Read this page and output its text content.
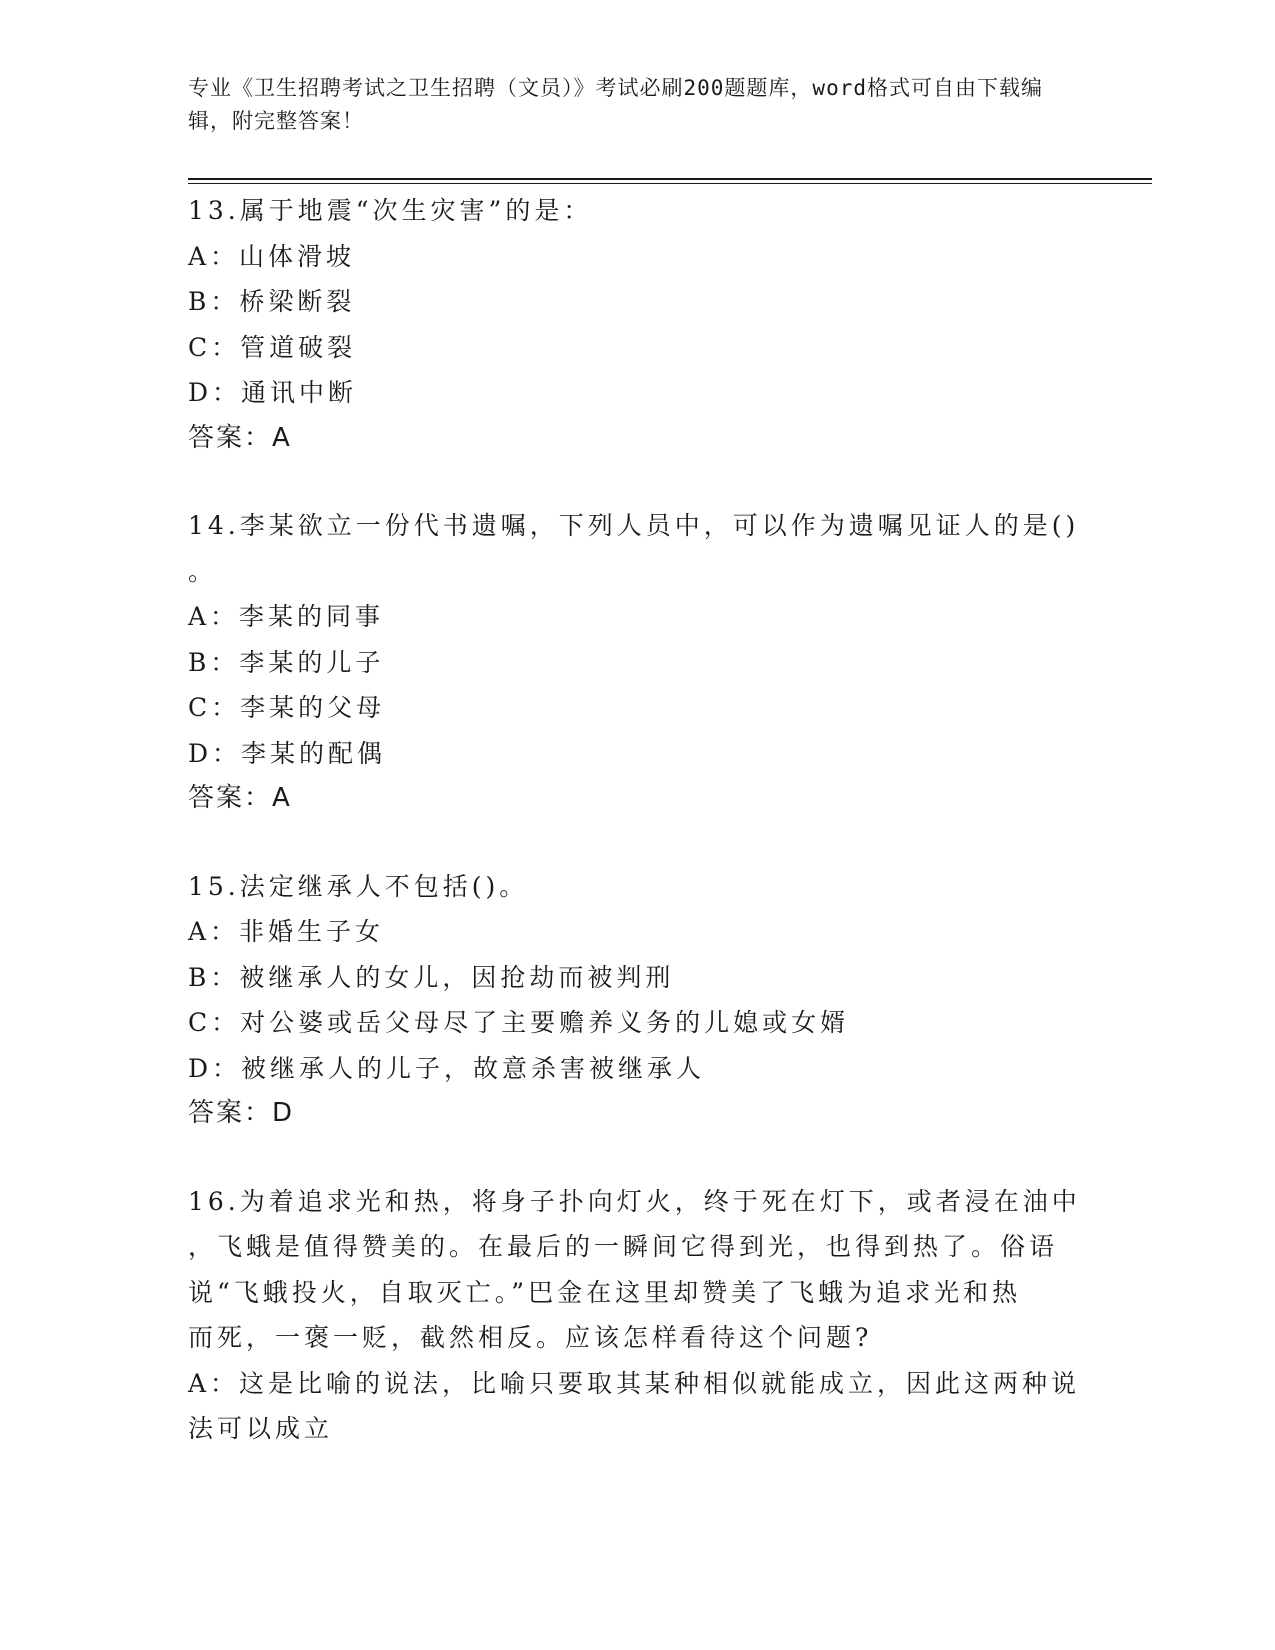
专业《卫生招聘考试之卫生招聘（文员）》考试必刷200题题库，word格式可自由下载编辑，附完整答案！
13.属于地震“次生灾害”的是：
A：山体滑坡
B：桥梁断裂
C：管道破裂
D：通讯中断
答案：A
14.李某欲立一份代书遗嘱，下列人员中，可以作为遗嘱见证人的是()
。
A：李某的同事
B：李某的儿子
C：李某的父母
D：李某的配偶
答案：A
15.法定继承人不包括()。
A：非婚生子女
B：被继承人的女儿，因抢劫而被判刑
C：对公婆或岳父母尽了主要赡养义务的儿媳或女婿
D：被继承人的儿子，故意杀害被继承人
答案：D
16.为着追求光和热，将身子扑向灯火，终于死在灯下，或者浸在油中
，飞蛾是值得赞美的。在最后的一瞬间它得到光，也得到热了。俗语
说“飞蛾投火，自取灭亡。”巴金在这里却赞美了飞蛾为追求光和热
而死，一褒一贬，截然相反。应该怎样看待这个问题?
A：这是比喻的说法，比喻只要取其某种相似就能成立，因此这两种说
法可以成立
